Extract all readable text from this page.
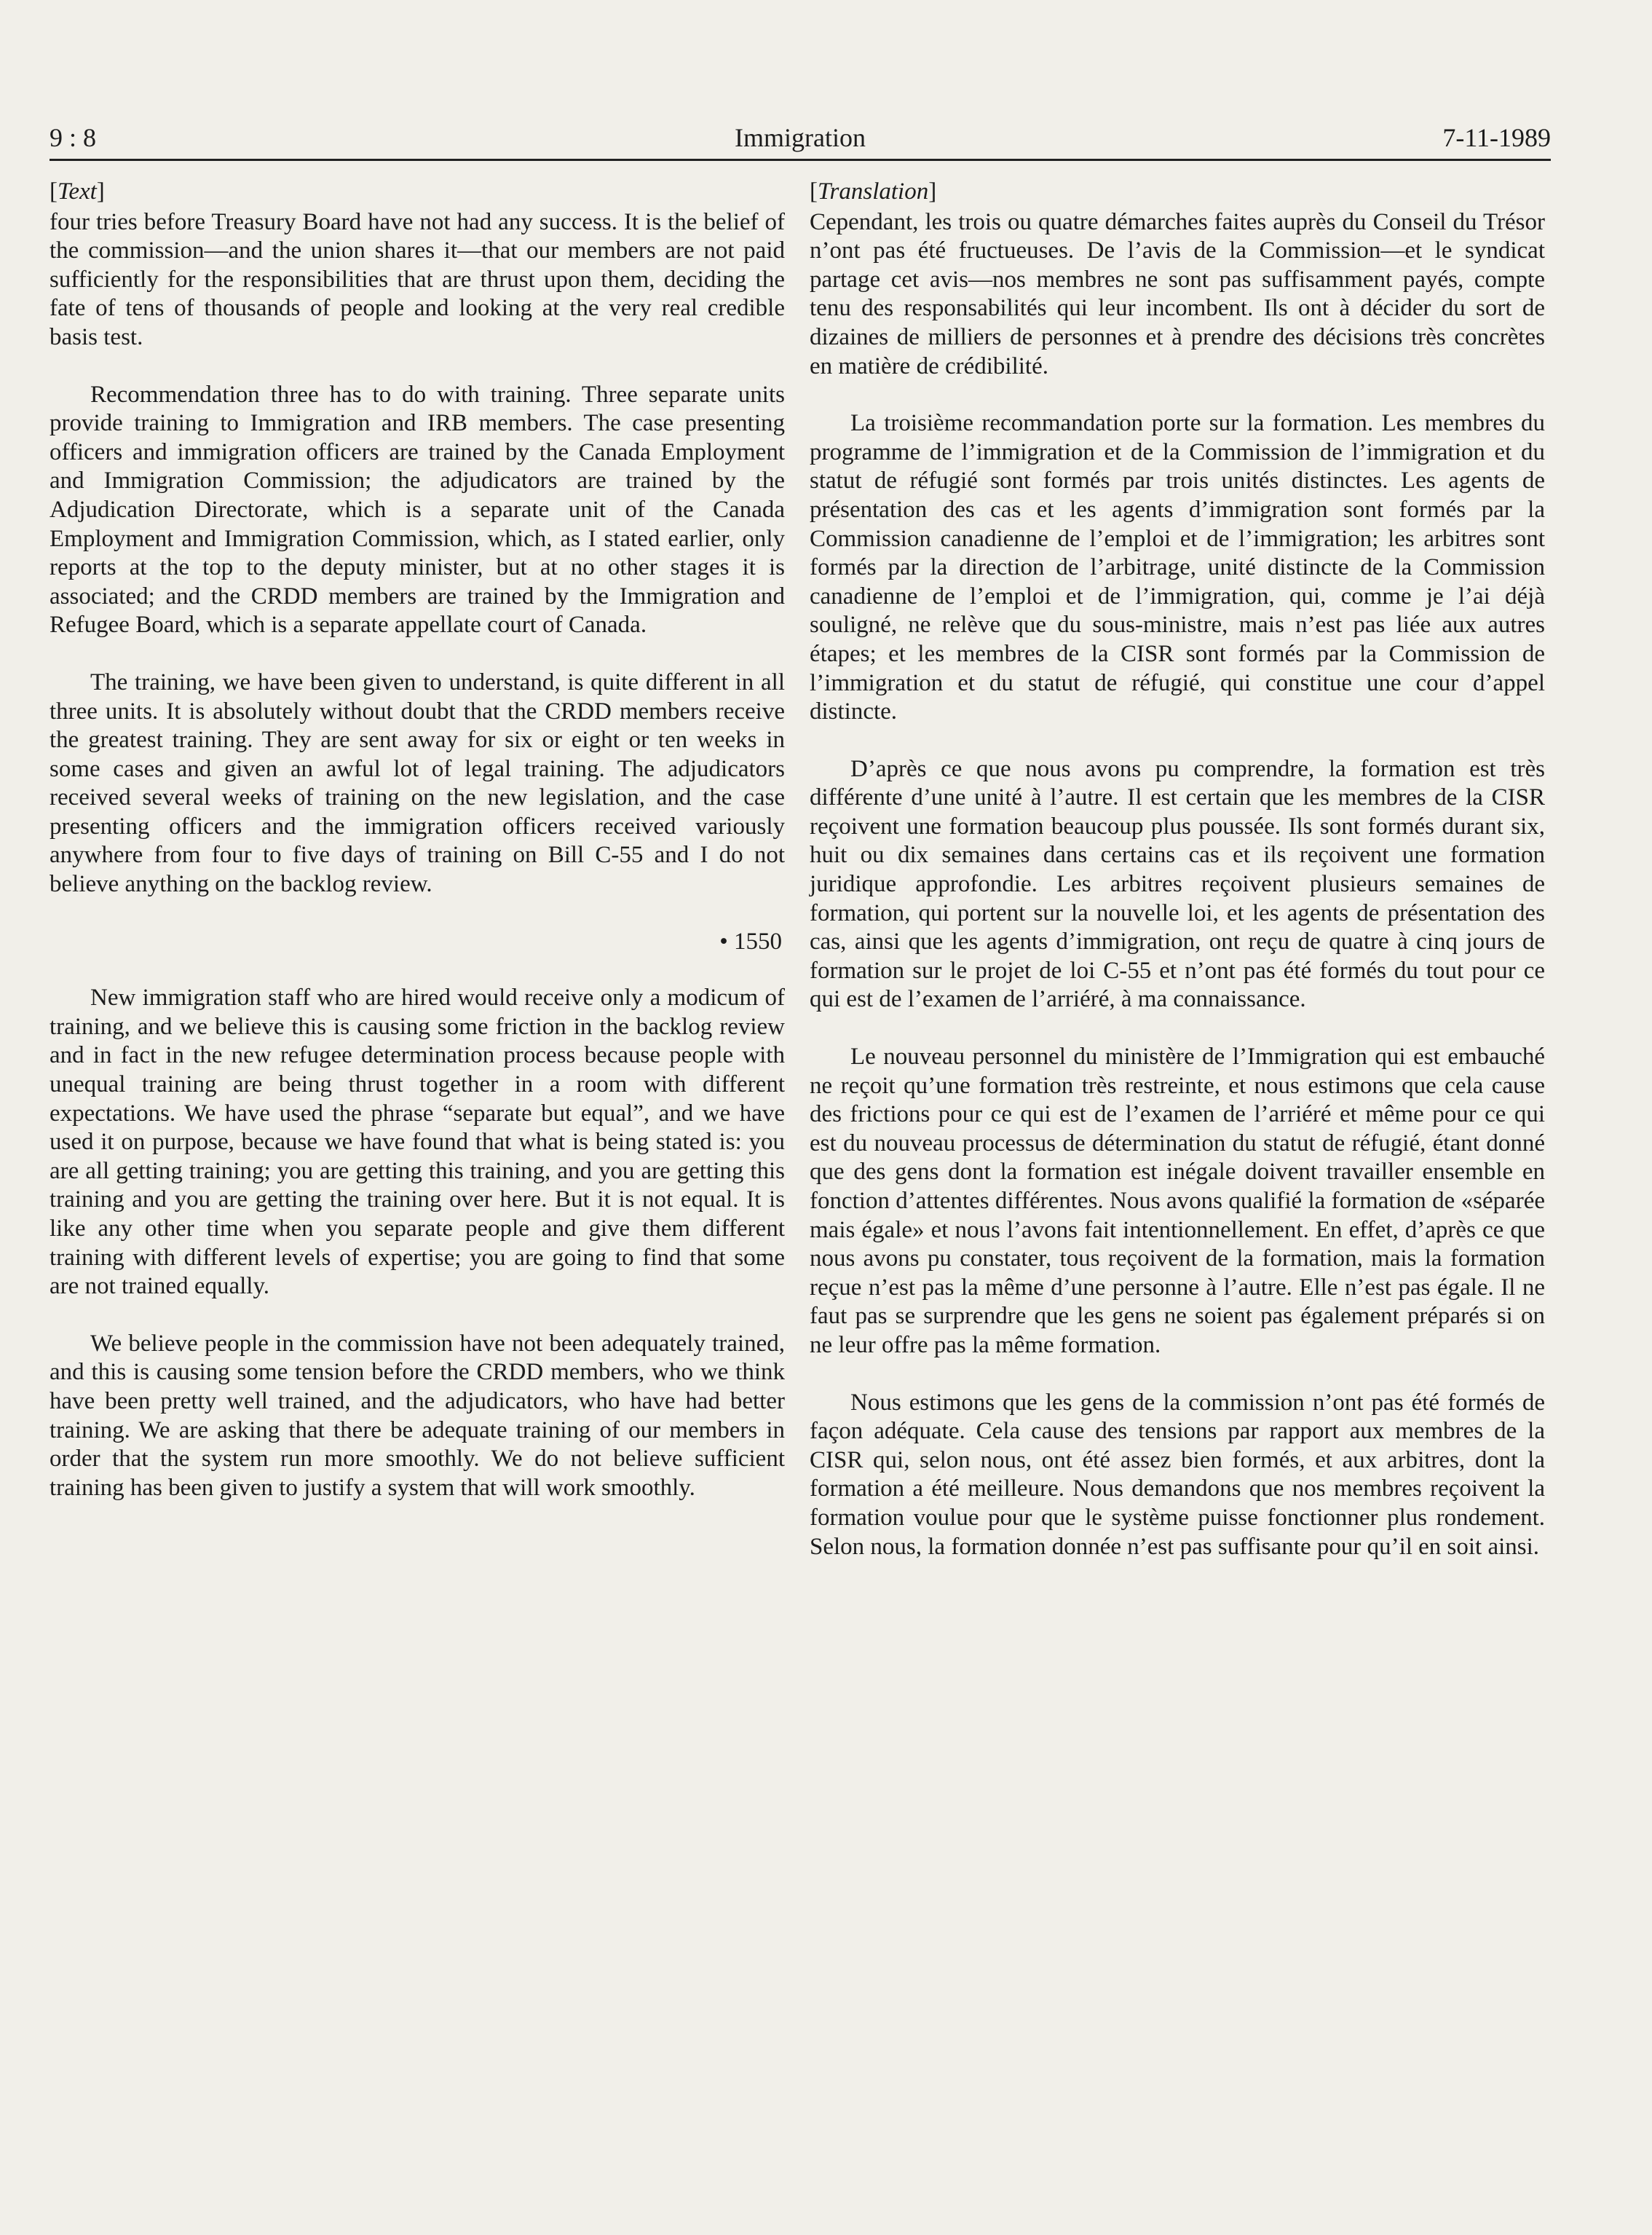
9 : 8	Immigration	7-11-1989
[Text]

four tries before Treasury Board have not had any success. It is the belief of the commission—and the union shares it—that our members are not paid sufficiently for the responsibilities that are thrust upon them, deciding the fate of tens of thousands of people and looking at the very real credible basis test.

Recommendation three has to do with training. Three separate units provide training to Immigration and IRB members. The case presenting officers and immigration officers are trained by the Canada Employment and Immigration Commission; the adjudicators are trained by the Adjudication Directorate, which is a separate unit of the Canada Employment and Immigration Commission, which, as I stated earlier, only reports at the top to the deputy minister, but at no other stages it is associated; and the CRDD members are trained by the Immigration and Refugee Board, which is a separate appellate court of Canada.

The training, we have been given to understand, is quite different in all three units. It is absolutely without doubt that the CRDD members receive the greatest training. They are sent away for six or eight or ten weeks in some cases and given an awful lot of legal training. The adjudicators received several weeks of training on the new legislation, and the case presenting officers and the immigration officers received variously anywhere from four to five days of training on Bill C-55 and I do not believe anything on the backlog review.

• 1550

New immigration staff who are hired would receive only a modicum of training, and we believe this is causing some friction in the backlog review and in fact in the new refugee determination process because people with unequal training are being thrust together in a room with different expectations. We have used the phrase “separate but equal”, and we have used it on purpose, because we have found that what is being stated is: you are all getting training; you are getting this training, and you are getting this training and you are getting the training over here. But it is not equal. It is like any other time when you separate people and give them different training with different levels of expertise; you are going to find that some are not trained equally.

We believe people in the commission have not been adequately trained, and this is causing some tension before the CRDD members, who we think have been pretty well trained, and the adjudicators, who have had better training. We are asking that there be adequate training of our members in order that the system run more smoothly. We do not believe sufficient training has been given to justify a system that will work smoothly.

[Translation]

Cependant, les trois ou quatre démarches faites auprès du Conseil du Trésor n’ont pas été fructueuses. De l’avis de la Commission—et le syndicat partage cet avis—nos membres ne sont pas suffisamment payés, compte tenu des responsabilités qui leur incombent. Ils ont à décider du sort de dizaines de milliers de personnes et à prendre des décisions très concrètes en matière de crédibilité.

La troisième recommandation porte sur la formation. Les membres du programme de l’immigration et de la Commission de l’immigration et du statut de réfugié sont formés par trois unités distinctes. Les agents de présentation des cas et les agents d’immigration sont formés par la Commission canadienne de l’emploi et de l’immigration; les arbitres sont formés par la direction de l’arbitrage, unité distincte de la Commission canadienne de l’emploi et de l’immigration, qui, comme je l’ai déjà souligné, ne relève que du sous-ministre, mais n’est pas liée aux autres étapes; et les membres de la CISR sont formés par la Commission de l’immigration et du statut de réfugié, qui constitue une cour d’appel distincte.

D’après ce que nous avons pu comprendre, la formation est très différente d’une unité à l’autre. Il est certain que les membres de la CISR reçoivent une formation beaucoup plus poussée. Ils sont formés durant six, huit ou dix semaines dans certains cas et ils reçoivent une formation juridique approfondie. Les arbitres reçoivent plusieurs semaines de formation, qui portent sur la nouvelle loi, et les agents de présentation des cas, ainsi que les agents d’immigration, ont reçu de quatre à cinq jours de formation sur le projet de loi C-55 et n’ont pas été formés du tout pour ce qui est de l’examen de l’arriéré, à ma connaissance.

Le nouveau personnel du ministère de l’Immigration qui est embauché ne reçoit qu’une formation très restreinte, et nous estimons que cela cause des frictions pour ce qui est de l’examen de l’arriéré et même pour ce qui est du nouveau processus de détermination du statut de réfugié, étant donné que des gens dont la formation est inégale doivent travailler ensemble en fonction d’attentes différentes. Nous avons qualifié la formation de «séparée mais égale» et nous l’avons fait intentionnellement. En effet, d’après ce que nous avons pu constater, tous reçoivent de la formation, mais la formation reçue n’est pas la même d’une personne à l’autre. Elle n’est pas égale. Il ne faut pas se surprendre que les gens ne soient pas également préparés si on ne leur offre pas la même formation.

Nous estimons que les gens de la commission n’ont pas été formés de façon adéquate. Cela cause des tensions par rapport aux membres de la CISR qui, selon nous, ont été assez bien formés, et aux arbitres, dont la formation a été meilleure. Nous demandons que nos membres reçoivent la formation voulue pour que le système puisse fonctionner plus rondement. Selon nous, la formation donnée n’est pas suffisante pour qu’il en soit ainsi.
